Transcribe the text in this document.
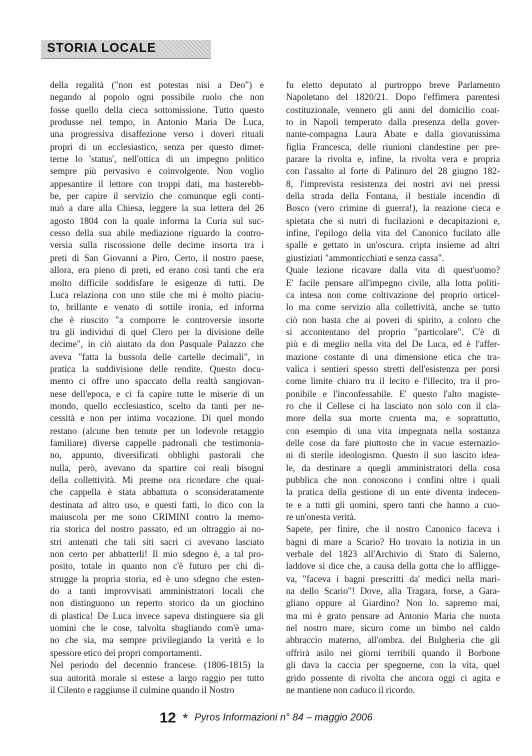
STORIA LOCALE
della regalità ("non est potestas nisi a Deo") e
negando al popolo ogni possibile ruolo che non
fosse quello della cieca sottomissione. Tutto questo
produsse nel tempo, in Antonio Maria De Luca,
una progressiva disaffezione verso i doveri rituali
propri di un ecclesiastico, senza per questo dimet-
terne lo 'status', nell'ottica di un impegno politico
sempre più pervasivo e coinvolgente. Non voglio
appesantire il lettore con troppi dati, ma basterebb-
be, per capire il servizio che comunque egli conti-
nuò a dare alla Chiesa, leggere la sua lettera del 26
agosto 1804 con la quale informa la Curia sul suc-
cesso della sua abile mediazione riguardo la contro-
versia sulla riscossione delle decime insorta tra i
preti di San Giovanni a Piro. Certo, il nostro paese,
allora, era pieno di preti, ed erano così tanti che era
molto difficile soddisfare le esigenze di tutti. De
Luca relaziona con uno stile che mi è molto piaciu-
to, brillante e venato di sottile ironia, ed informa
che è riuscito "a comporre le controversie insorte
tra gli individui di quel Clero per la divisione delle
decime", in ciò aiutato da don Pasquale Palazzo che
aveva "fatta la bussola delle cartelle decimali", in
pratica la suddivisione delle rendite. Questo docu-
mento ci offre uno spaccato della realtà sangiovan-
nese dell'epoca, e ci fa capire tutte le miserie di un
mondo, quello ecclesiastico, scelto da tanti per ne-
cessità e non per intima vocazione. Di quel mondo
restano (alcune ben tenute per un lodevole retaggio
familiare) diverse cappelle padronali che testimonia-
no, appunto, diversificati obblighi pastorali che
nulla, però, avevano da spartire coi reali bisogni
della collettività. Mi preme ora ricordare che qual-
che cappella è stata abbattuta o sconsideratamente
destinata ad altro uso, e questi fatti, lo dico con la
maiuscola per me sono CRIMINI contro la memo-
ria storica del nostro passato, ed un oltraggio ai no-
stri antenati che tali siti sacri ci avevano lasciato
non certo per abbatterli! Il mio sdegno è, a tal pro-
posito, totale in quanto non c'è futuro per chi di-
strugge la propria storia, ed è uno sdegno che esten-
do a tanti improvvisati amministratori locali che
non distinguono un reperto storico da un giochino
di plastica! De Luca invece sapeva distinguere sia gli
uomini che le cose, talvolta sbagliando com'è uma-
no che sia, ma sempre privilegiando la verità e lo
spessore etico dei propri comportamenti.
Nel periodo del decennio francese. (1806-1815) la
sua autorità morale si estese a largo raggio per tutto
il Cilento e raggiunse il culmine quando il Nostro
fu eletto deputato al purtroppo breve Parlamento
Napoletano del 1820/21. Dopo l'effimera parentesi
costituzionale, vennero gli anni del domicilio coat-
to in Napoli temperato dalla presenza della gover-
nante-compagna Laura Abate e dalla giovanissima
figlia Francesca, delle riunioni clandestine per pre-
parare la rivolta e, infine, la rivolta vera e propria
con l'assalto al forte di Palinuro del 28 giugno 182-
8, l'imprevista resistenza dei nostri avi nei pressi
della strada della Fontana, il bestiale incendio di
Bosco (vero crimine di guerra!), la reazione cieca e
spietata che si nutrì di fucilazioni e decapitazioni e,
infine, l'epilogo della vita del Canonico fucilato alle
spalle e gettato in un'oscura. cripta insieme ad altri
giustiziati "ammonticchiati e senza cassa".
Quale lezione ricavare dalla vita di quest'uomo?
E' facile pensare all'impegno civile, alla lotta politi-
ca intesa non come coltivazione del proprio orticel-
lo ma come servizio alla collettività, anche se tutto
ciò non basta che ai poveri di spirito, a coloro che
si accontentano del proprio "particolare". C'è di
più e di meglio nella vita del De Luca, ed è l'affer-
mazione costante di una dimensione etica che tra-
valica i sentieri spesso stretti dell'esistenza per porsi
come limite chiaro tra il lecito e l'illecito, tra il pro-
ponibile e l'inconfessabile. E' questo l'alto magiste-
ro che il Cellese ci ha lasciato non solo con il cla-
more della sua morte cruenta ma, e soprattutto,
con esempio di una vita impegnata nella sostanza
delle cose da fare piuttosto che in vacue esternazio-
ni di sterile ideologismo. Questo il suo lascito idea-
le, da destinare a quegli amministratori della cosa
pubblica che non conoscono i confini oltre i quali
la pratica della gestione di un ente diventa indecen-
te e a tutti gli uomini, spero tanti che hanno a cuo-
re un'onesta verità.
Sapete, per finire, che il nostro Canonico faceva i
bagni di mare a Scario? Ho trovato la notizia in un
verbale del 1823 all'Archivio di Stato di Salerno,
laddove si dice che, a causa della gotta che lo affligge-
va, "faceva i bagni prescritti da' medici nella mari-
na dello Scario"! Dove, alla Tragara, forse, a Gara-
gliano oppure al Giardino? Non lo. sapremo mai,
ma mi è grato pensare ad Antonio Maria che nuota
nel nostro mare, sicuro come un bimbo nel caldo
abbraccio materno, all'ombra. del Bulgheria che gli
offrirà asilo nei giorni terribili quando il Borbone
gli dava la caccia per spegnerne, con la vita, quel
grido possente di rivolta che ancora oggi ci agita e
ne mantiene non caduco il ricordo.
12 * Pyros Informazioni n° 84 – maggio 2006
